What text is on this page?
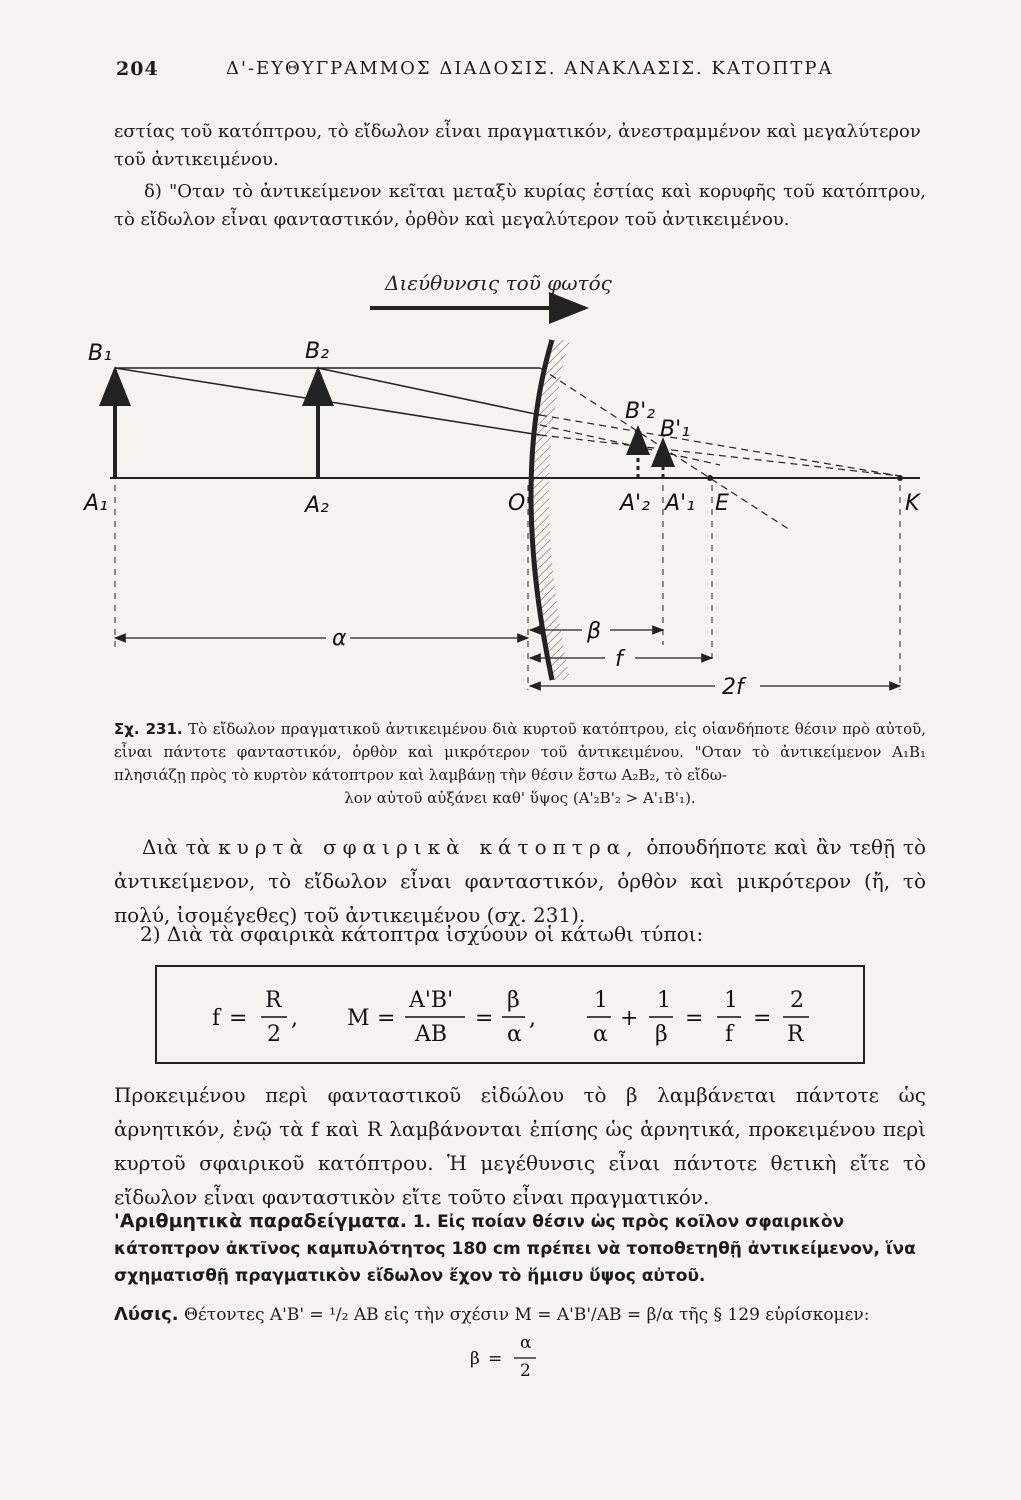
204	Δ'-ΕΥΘΥΓΡΑΜΜΟΣ ΔΙΑΔΟΣΙΣ. ΑΝΑΚΛΑΣΙΣ. ΚΑΤΟΠΤΡΑ

εστίας τοῦ κατόπτρου, τὸ εἴδωλον εἶναι πραγματικόν, ἀνεστραμμένον καὶ μεγαλύτερον

τοῦ ἀντικειμένου.

δ) "Οταν τὸ ἀντικείμενον κεῖται μεταξὺ κυρίας ἑστίας καὶ κορυφῆς τοῦ κατόπτρου, τὸ εἴδωλον εἶναι φανταστικόν, ὀρθὸν καὶ μεγαλύτερον τοῦ ἀντικειμένου.

Διεύθυνσις τοῦ φωτός
B₁	B₂
A₁	A₂	O	A'₂ A'₁ E	K
B'₂
B'₁
α	β
f
2f

Σχ. 231. Τὸ εἴδωλον πραγματικοῦ ἀντικειμένου διὰ κυρτοῦ κατόπτρου, εἰς οἱανδήποτε θέσιν πρὸ αὐτοῦ, εἶναι πάντοτε φανταστικόν, ὀρθὸν καὶ μικρότερον τοῦ ἀντικειμένου. "Οταν τὸ ἀντικείμενον A₁B₁ πλησιάζῃ πρὸς τὸ κυρτὸν κάτοπτρον καὶ λαμβάνῃ τὴν θέσιν ἔστω A₂B₂, τὸ εἴδω-
λον αὐτοῦ αὐξάνει καθ' ὕψος (A'₂B'₂ > A'₁B'₁).

Διὰ τὰ κυρτὰ σφαιρικὰ κάτοπτρα, ὁπουδήποτε καὶ ἂν τεθῇ τὸ ἀντικείμενον, τὸ εἴδωλον εἶναι φανταστικόν, ὀρθὸν καὶ μικρότερον (ἤ, τὸ πολύ, ἰσομέγεθες) τοῦ ἀντικειμένου (σχ. 231).

2) Διὰ τὰ σφαιρικὰ κάτοπτρα ἰσχύουν οἱ κάτωθι τύποι:

f =
R
2
, M =
A'B'
AB
=
β
α
,
1
α
+
1
β
=
1
f
=
2
R

Προκειμένου περὶ φανταστικοῦ εἰδώλου τὸ β λαμβάνεται πάντοτε ὡς ἀρνητικόν, ἐνῷ τὰ f καὶ R λαμβάνονται ἐπίσης ὡς ἀρνητικά, προκειμένου περὶ κυρτοῦ σφαιρικοῦ κατόπτρου. Ἡ μεγέθυνσις εἶναι πάντοτε θετικὴ εἴτε τὸ εἴδωλον εἶναι φανταστικὸν εἴτε τοῦτο εἶναι πραγματικόν.

'Αριθμητικὰ παραδείγματα. 1. Εἰς ποίαν θέσιν ὡς πρὸς κοῖλον σφαιρικὸν κάτοπτρον ἀκτῖνος καμπυλότητος 180 cm πρέπει νὰ τοποθετηθῇ ἀντικείμενον, ἵνα σχηματισθῇ πραγματικὸν εἴδωλον ἔχον τὸ ἥμισυ ὕψος αὐτοῦ.

Λύσις. Θέτοντες A'B' = ¹/₂ AB εἰς τὴν σχέσιν M = A'B'/AB = β/α τῆς § 129 εὑρίσκομεν:

β =
α
2
